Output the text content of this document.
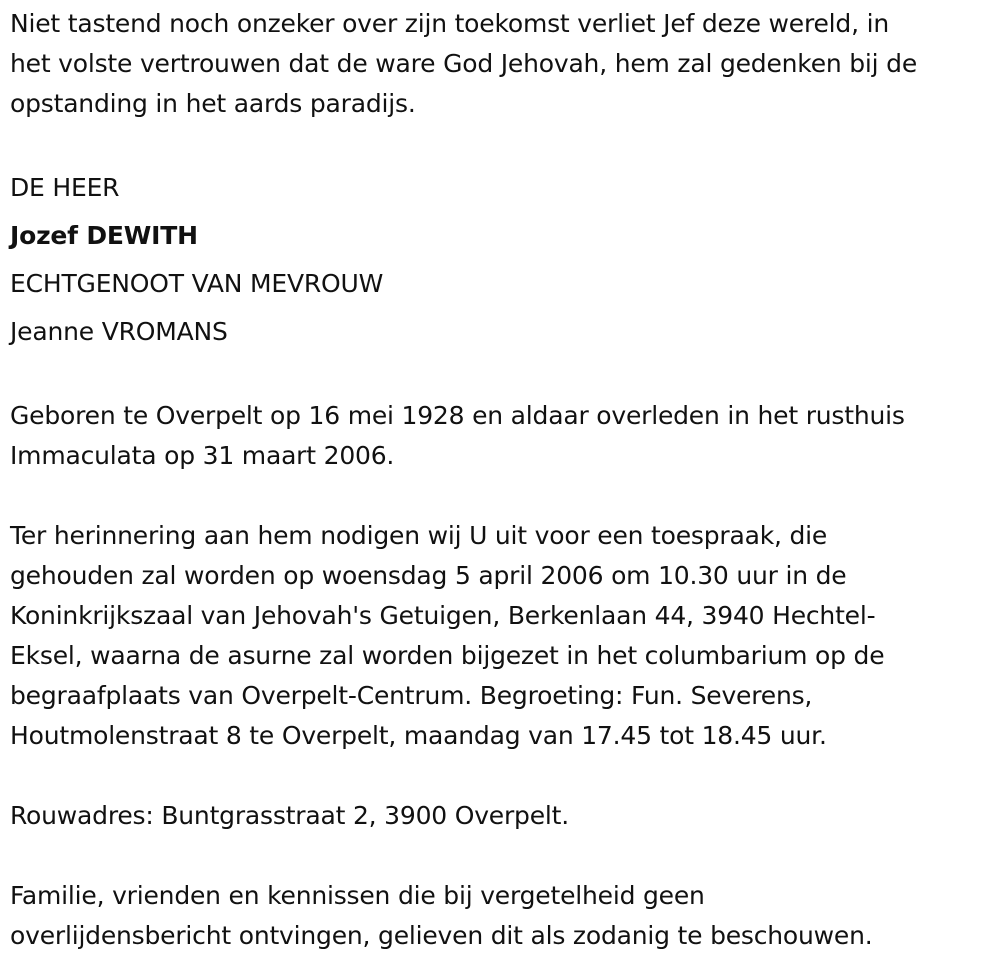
Niet tastend noch onzeker over zijn toekomst verliet Jef deze wereld, in
het volste vertrouwen dat de ware God Jehovah, hem zal gedenken bij de
opstanding in het aards paradijs.

DE HEER

Jozef DEWITH

ECHTGENOOT VAN MEVROUW

Jeanne VROMANS

Geboren te Overpelt op 16 mei 1928 en aldaar overleden in het rusthuis
Immaculata op 31 maart 2006.

Ter herinnering aan hem nodigen wij U uit voor een toespraak, die
gehouden zal worden op woensdag 5 april 2006 om 10.30 uur in de
Koninkrijkszaal van Jehovah's Getuigen, Berkenlaan 44, 3940 Hechtel-
Eksel, waarna de asurne zal worden bijgezet in het columbarium op de
begraafplaats van Overpelt-Centrum. Begroeting: Fun. Severens,
Houtmolenstraat 8 te Overpelt, maandag van 17.45 tot 18.45 uur.

Rouwadres: Buntgrasstraat 2, 3900 Overpelt.

Familie, vrienden en kennissen die bij vergetelheid geen
overlijdensbericht ontvingen, gelieven dit als zodanig te beschouwen.
